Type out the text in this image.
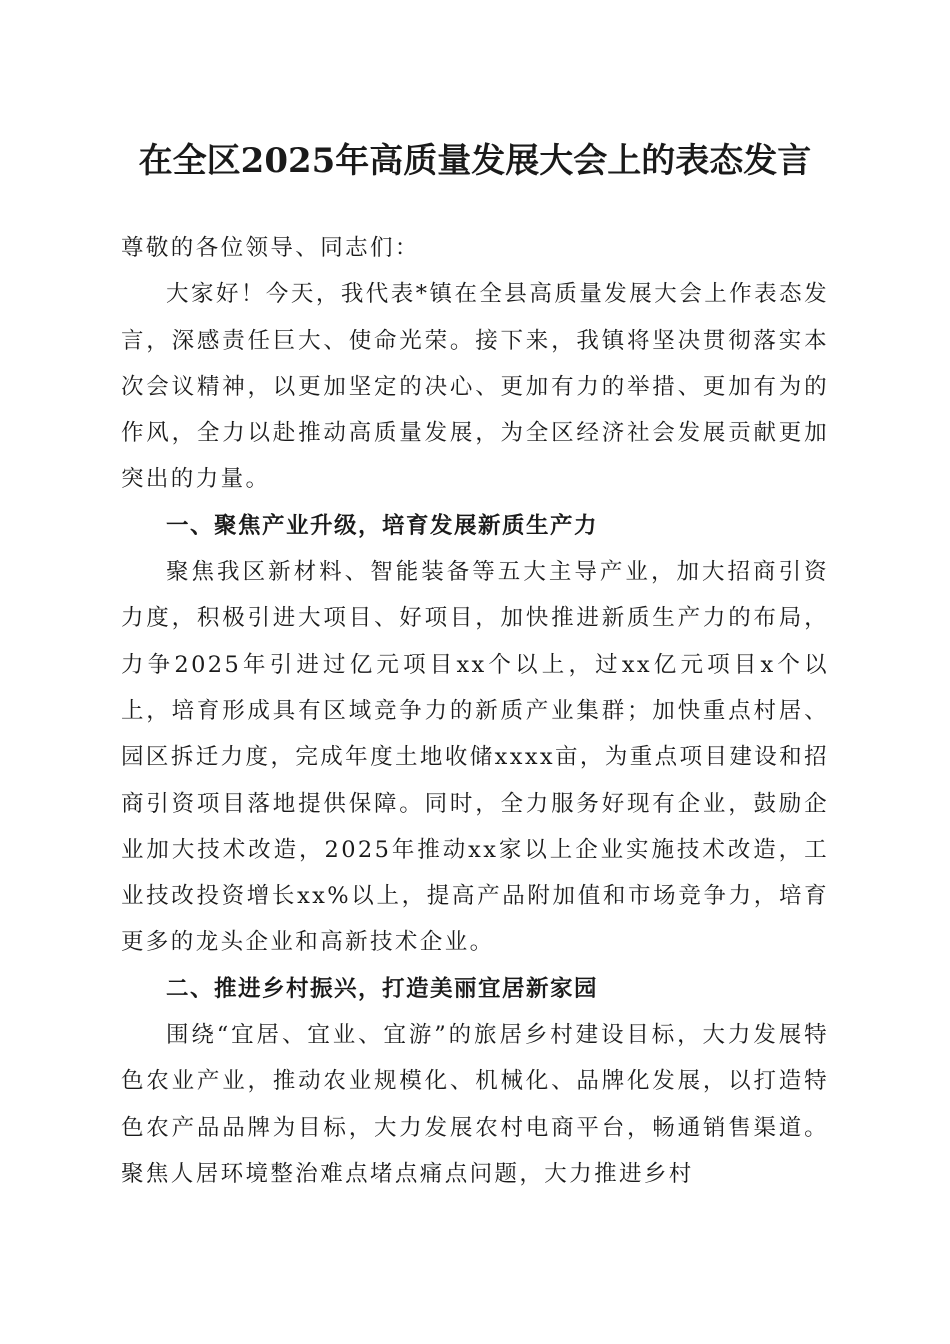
在全区2025年高质量发展大会上的表态发言

尊敬的各位领导、同志们：

大家好！今天，我代表*镇在全县高质量发展大会上作表态发言，深感责任巨大、使命光荣。接下来，我镇将坚决贯彻落实本次会议精神，以更加坚定的决心、更加有力的举措、更加有为的作风，全力以赴推动高质量发展，为全区经济社会发展贡献更加突出的力量。

一、聚焦产业升级，培育发展新质生产力

聚焦我区新材料、智能装备等五大主导产业，加大招商引资力度，积极引进大项目、好项目，加快推进新质生产力的布局，力争2025年引进过亿元项目xx个以上，过xx亿元项目x个以上，培育形成具有区域竞争力的新质产业集群；加快重点村居、园区拆迁力度，完成年度土地收储xxxx亩，为重点项目建设和招商引资项目落地提供保障。同时，全力服务好现有企业，鼓励企业加大技术改造，2025年推动xx家以上企业实施技术改造，工业技改投资增长xx%以上，提高产品附加值和市场竞争力，培育更多的龙头企业和高新技术企业。

二、推进乡村振兴，打造美丽宜居新家园

围绕“宜居、宜业、宜游”的旅居乡村建设目标，大力发展特色农业产业，推动农业规模化、机械化、品牌化发展，以打造特色农产品品牌为目标，大力发展农村电商平台，畅通销售渠道。聚焦人居环境整治难点堵点痛点问题，大力推进乡村
